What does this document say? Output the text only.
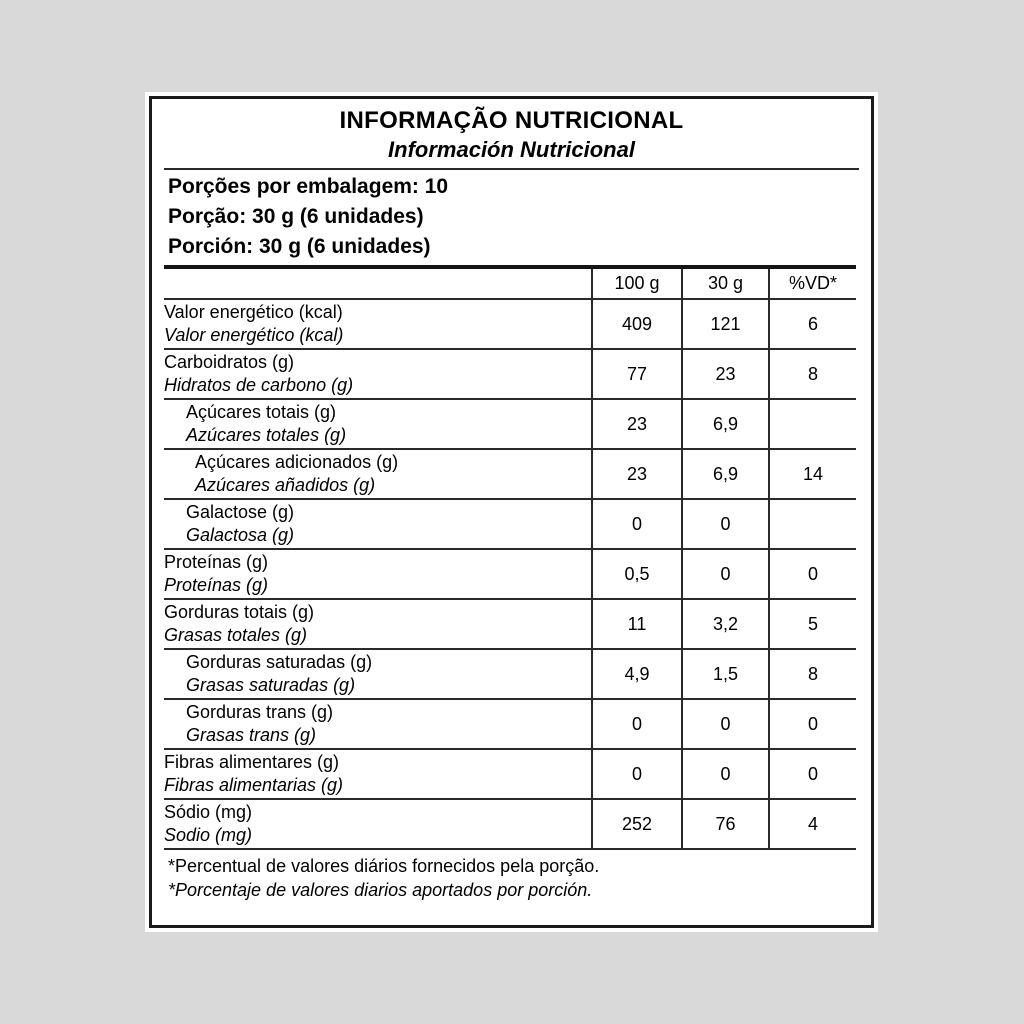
INFORMAÇÃO NUTRICIONAL
Información Nutricional
Porções por embalagem: 10
Porção: 30 g (6 unidades)
Porción: 30 g (6 unidades)
	100 g	30 g	%VD*

Valor energético (kcal)
Valor energético (kcal)	409	121	6

Carboidratos (g)
Hidratos de carbono (g)	77	23	8

Açúcares totais (g)
Azúcares totales (g)	23	6,9	

Açúcares adicionados (g)
Azúcares añadidos (g)	23	6,9	14

Galactose (g)
Galactosa (g)	0	0	

Proteínas (g)
Proteínas (g)	0,5	0	0

Gorduras totais (g)
Grasas totales (g)	11	3,2	5

Gorduras saturadas (g)
Grasas saturadas (g)	4,9	1,5	8

Gorduras trans (g)
Grasas trans (g)	0	0	0

Fibras alimentares (g)
Fibras alimentarias (g)	0	0	0

Sódio (mg)
Sodio (mg)	252	76	4
*Percentual de valores diários fornecidos pela porção.
*Porcentaje de valores diarios aportados por porción.
